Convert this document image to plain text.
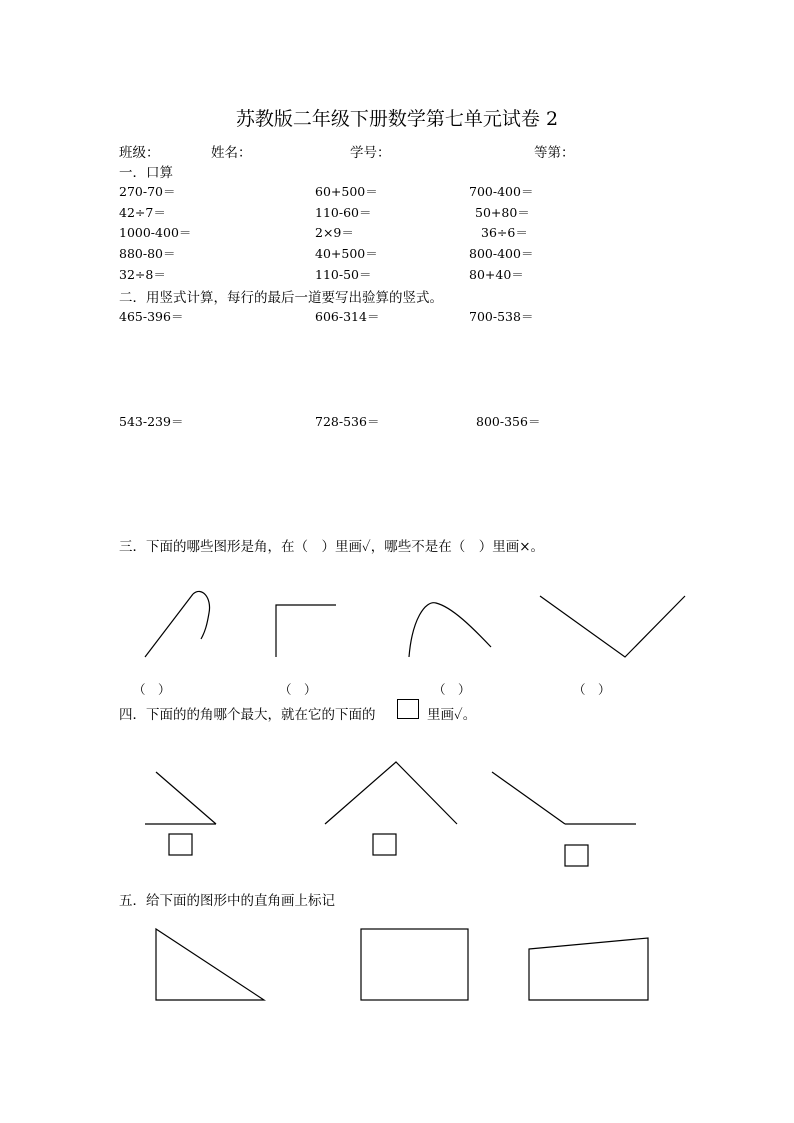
苏教版二年级下册数学第七单元试卷 2
班级：	姓名：	学号：	等第：
一．口算
270-70＝	60+500＝	700-400＝
42÷7＝	110-60＝	50+80＝
1000-400＝	2×9＝	36÷6＝
880-80＝	40+500＝	800-400＝
32÷8＝	110-50＝	80+40＝
二．用竖式计算，每行的最后一道要写出验算的竖式。
465-396＝	606-314＝	700-538＝
543-239＝	728-536＝	800-356＝
三．下面的哪些图形是角，在（　）里画✓，哪些不是在（　）里画×。
（　）	（　）	（　）	（　）
四．下面的的角哪个最大，就在它的下面的	里画✓。
五．给下面的图形中的直角画上标记
